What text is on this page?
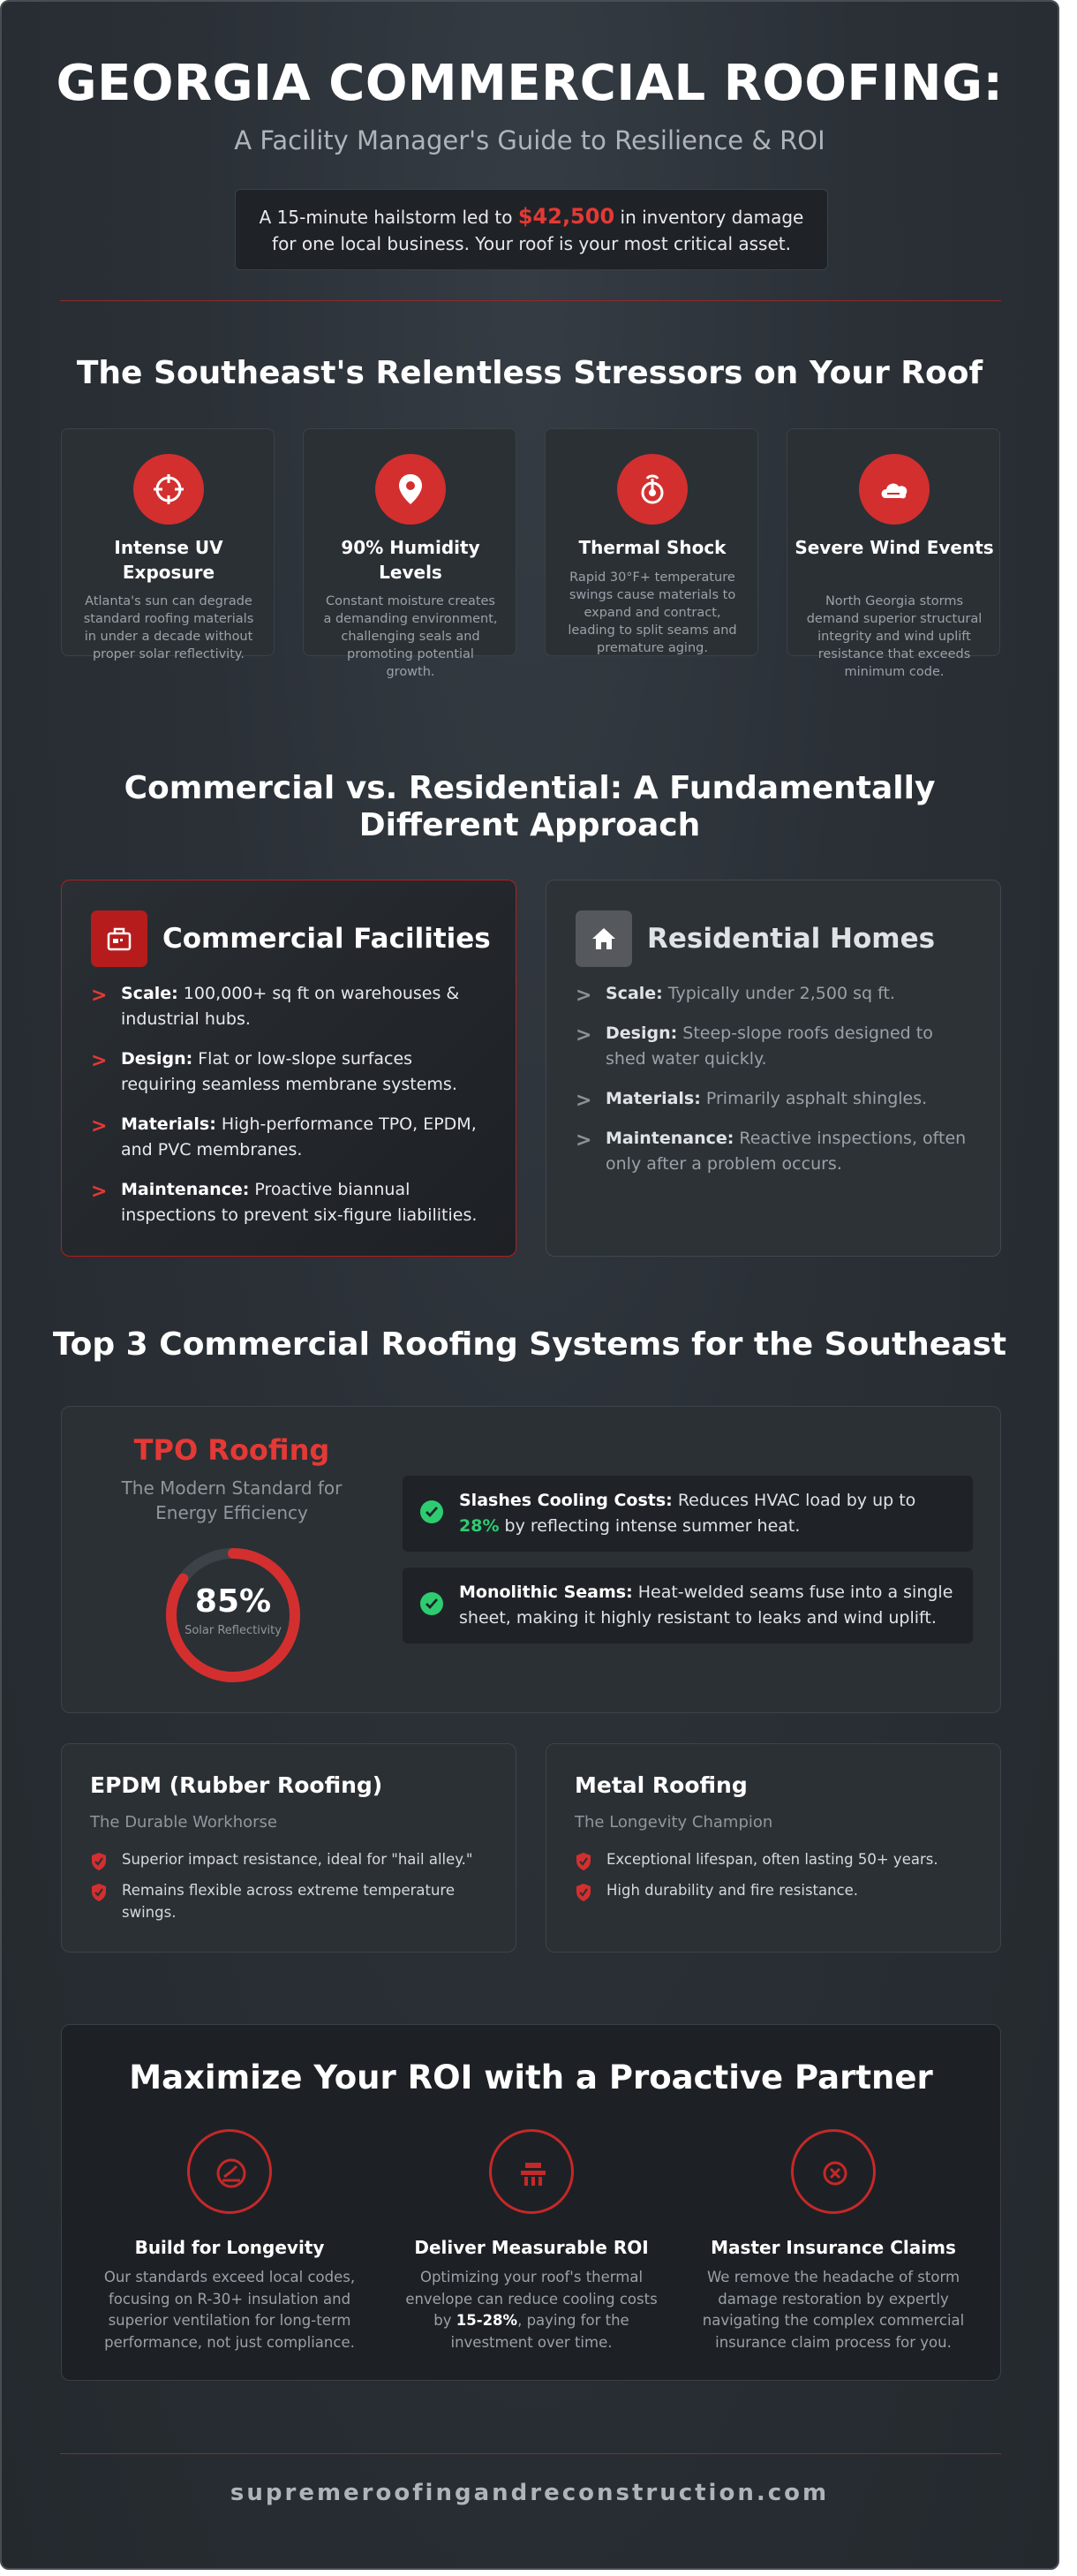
GEORGIA COMMERCIAL ROOFING:
A Facility Manager's Guide to Resilience & ROI
A 15-minute hailstorm led to $42,500 in inventory damage
for one local business. Your roof is your most critical asset.
The Southeast's Relentless Stressors on Your Roof
Intense UV Exposure
Atlanta's sun can degrade standard roofing materials in under a decade without proper solar reflectivity.
90% Humidity Levels
Constant moisture creates a demanding environment, challenging seals and promoting potential growth.
Thermal Shock
Rapid 30°F+ temperature swings cause materials to expand and contract, leading to split seams and premature aging.
Severe Wind Events
North Georgia storms demand superior structural integrity and wind uplift resistance that exceeds minimum code.
Commercial vs. Residential: A Fundamentally
Different Approach
Commercial Facilities
> Scale: 100,000+ sq ft on warehouses & industrial hubs.
> Design: Flat or low-slope surfaces requiring seamless membrane systems.
> Materials: High-performance TPO, EPDM, and PVC membranes.
> Maintenance: Proactive biannual inspections to prevent six-figure liabilities.
Residential Homes
> Scale: Typically under 2,500 sq ft.
> Design: Steep-slope roofs designed to shed water quickly.
> Materials: Primarily asphalt shingles.
> Maintenance: Reactive inspections, often only after a problem occurs.
Top 3 Commercial Roofing Systems for the Southeast
TPO Roofing
The Modern Standard for
Energy Efficiency
85%
Solar Reflectivity
Slashes Cooling Costs: Reduces HVAC load by up to 28% by reflecting intense summer heat.
Monolithic Seams: Heat-welded seams fuse into a single sheet, making it highly resistant to leaks and wind uplift.
EPDM (Rubber Roofing)
The Durable Workhorse
Superior impact resistance, ideal for "hail alley."
Remains flexible across extreme temperature swings.
Metal Roofing
The Longevity Champion
Exceptional lifespan, often lasting 50+ years.
High durability and fire resistance.
Maximize Your ROI with a Proactive Partner
Build for Longevity
Our standards exceed local codes, focusing on R-30+ insulation and superior ventilation for long-term performance, not just compliance.
Deliver Measurable ROI
Optimizing your roof's thermal envelope can reduce cooling costs by 15-28%, paying for the investment over time.
Master Insurance Claims
We remove the headache of storm damage restoration by expertly navigating the complex commercial insurance claim process for you.
supremeroofingandreconstruction.com
